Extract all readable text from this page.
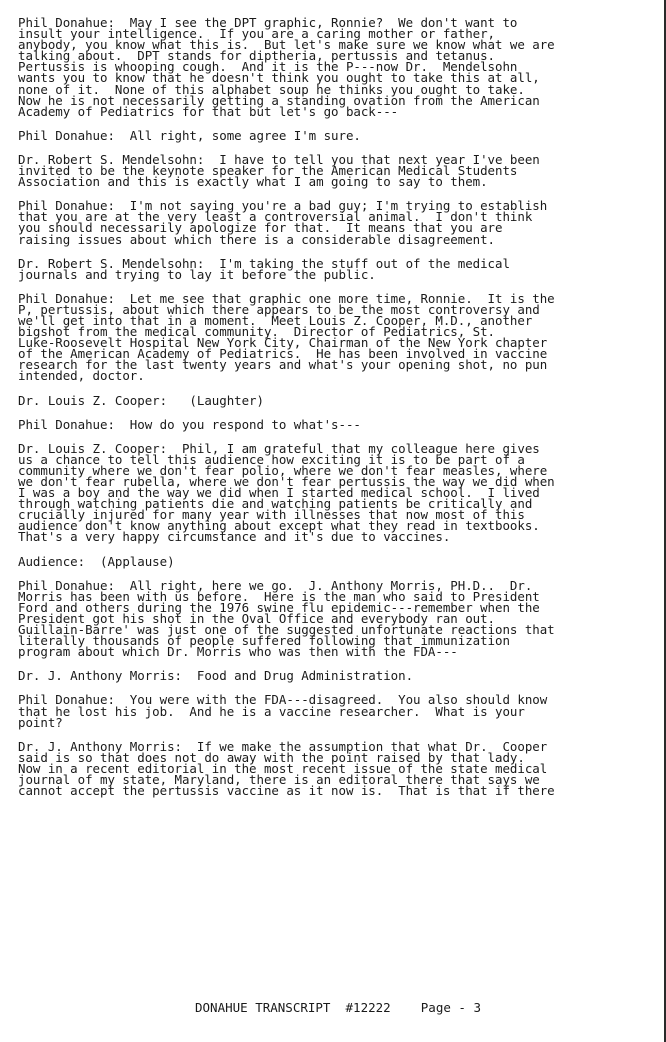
Phil Donahue:  May I see the DPT graphic, Ronnie?  We don't want to
insult your intelligence.  If you are a caring mother or father,
anybody, you know what this is.  But let's make sure we know what we are
talking about.  DPT stands for diptheria, pertussis and tetanus.
Pertussis is whooping cough.  And it is the P---now Dr.  Mendelsohn
wants you to know that he doesn't think you ought to take this at all,
none of it.  None of this alphabet soup he thinks you ought to take.
Now he is not necessarily getting a standing ovation from the American
Academy of Pediatrics for that but let's go back---
Phil Donahue:  All right, some agree I'm sure.
Dr. Robert S. Mendelsohn:  I have to tell you that next year I've been
invited to be the keynote speaker for the American Medical Students
Association and this is exactly what I am going to say to them.
Phil Donahue:  I'm not saying you're a bad guy; I'm trying to establish
that you are at the very least a controversial animal.  I don't think
you should necessarily apologize for that.  It means that you are
raising issues about which there is a considerable disagreement.
Dr. Robert S. Mendelsohn:  I'm taking the stuff out of the medical
journals and trying to lay it before the public.
Phil Donahue:  Let me see that graphic one more time, Ronnie.  It is the
P, pertussis, about which there appears to be the most controversy and
we'll get into that in a moment.  Meet Louis Z. Cooper, M.D., another
bigshot from the medical community.  Director of Pediatrics, St.
Luke-Roosevelt Hospital New York City, Chairman of the New York chapter
of the American Academy of Pediatrics.  He has been involved in vaccine
research for the last twenty years and what's your opening shot, no pun
intended, doctor.
Dr. Louis Z. Cooper:   (Laughter)
Phil Donahue:  How do you respond to what's---
Dr. Louis Z. Cooper:  Phil, I am grateful that my colleague here gives
us a chance to tell this audience how exciting it is to be part of a
community where we don't fear polio, where we don't fear measles, where
we don't fear rubella, where we don't fear pertussis the way we did when
I was a boy and the way we did when I started medical school.  I lived
through watching patients die and watching patients be critically and
crucially injured for many year with illnesses that now most of this
audience don't know anything about except what they read in textbooks.
That's a very happy circumstance and it's due to vaccines.
Audience:  (Applause)
Phil Donahue:  All right, here we go.  J. Anthony Morris, PH.D..  Dr.
Morris has been with us before.  Here is the man who said to President
Ford and others during the 1976 swine flu epidemic---remember when the
President got his shot in the Oval Office and everybody ran out.
Guillain-Barre' was just one of the suggested unfortunate reactions that
literally thousands of people suffered following that immunization
program about which Dr. Morris who was then with the FDA---
Dr. J. Anthony Morris:  Food and Drug Administration.
Phil Donahue:  You were with the FDA---disagreed.  You also should know
that he lost his job.  And he is a vaccine researcher.  What is your
point?
Dr. J. Anthony Morris:  If we make the assumption that what Dr.  Cooper
said is so that does not do away with the point raised by that lady.
Now in a recent editorial in the most recent issue of the state medical
journal of my state, Maryland, there is an editoral there that says we
cannot accept the pertussis vaccine as it now is.  That is that if there
DONAHUE TRANSCRIPT  #12222    Page - 3
